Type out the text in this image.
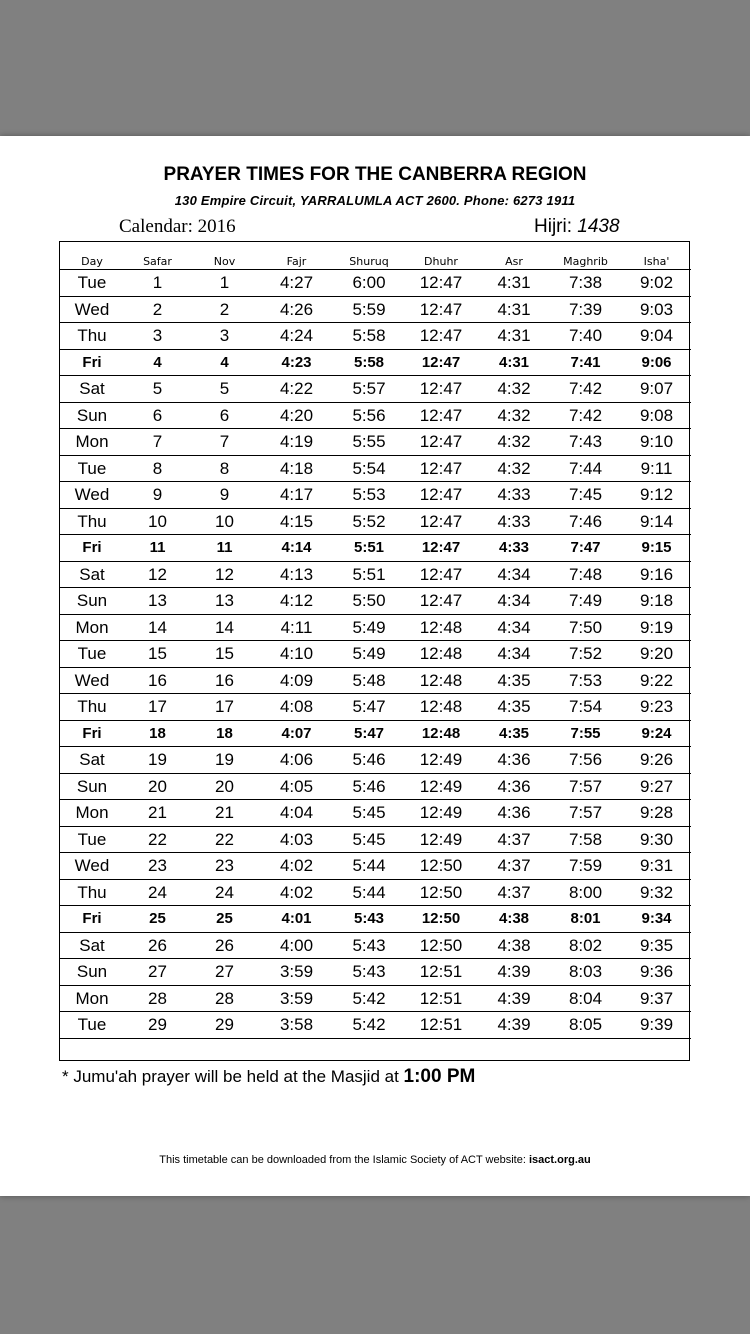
PRAYER TIMES FOR THE CANBERRA REGION
130 Empire Circuit, YARRALUMLA ACT 2600. Phone: 6273 1911
Calendar: 2016	Hijri: 1438
Day	Safar	Nov	Fajr	Shuruq	Dhuhr	Asr	Maghrib	Isha'
Tue	1	1	4:27	6:00	12:47	4:31	7:38	9:02
Wed	2	2	4:26	5:59	12:47	4:31	7:39	9:03
Thu	3	3	4:24	5:58	12:47	4:31	7:40	9:04
Fri	4	4	4:23	5:58	12:47	4:31	7:41	9:06
Sat	5	5	4:22	5:57	12:47	4:32	7:42	9:07
Sun	6	6	4:20	5:56	12:47	4:32	7:42	9:08
Mon	7	7	4:19	5:55	12:47	4:32	7:43	9:10
Tue	8	8	4:18	5:54	12:47	4:32	7:44	9:11
Wed	9	9	4:17	5:53	12:47	4:33	7:45	9:12
Thu	10	10	4:15	5:52	12:47	4:33	7:46	9:14
Fri	11	11	4:14	5:51	12:47	4:33	7:47	9:15
Sat	12	12	4:13	5:51	12:47	4:34	7:48	9:16
Sun	13	13	4:12	5:50	12:47	4:34	7:49	9:18
Mon	14	14	4:11	5:49	12:48	4:34	7:50	9:19
Tue	15	15	4:10	5:49	12:48	4:34	7:52	9:20
Wed	16	16	4:09	5:48	12:48	4:35	7:53	9:22
Thu	17	17	4:08	5:47	12:48	4:35	7:54	9:23
Fri	18	18	4:07	5:47	12:48	4:35	7:55	9:24
Sat	19	19	4:06	5:46	12:49	4:36	7:56	9:26
Sun	20	20	4:05	5:46	12:49	4:36	7:57	9:27
Mon	21	21	4:04	5:45	12:49	4:36	7:57	9:28
Tue	22	22	4:03	5:45	12:49	4:37	7:58	9:30
Wed	23	23	4:02	5:44	12:50	4:37	7:59	9:31
Thu	24	24	4:02	5:44	12:50	4:37	8:00	9:32
Fri	25	25	4:01	5:43	12:50	4:38	8:01	9:34
Sat	26	26	4:00	5:43	12:50	4:38	8:02	9:35
Sun	27	27	3:59	5:43	12:51	4:39	8:03	9:36
Mon	28	28	3:59	5:42	12:51	4:39	8:04	9:37
Tue	29	29	3:58	5:42	12:51	4:39	8:05	9:39

* Jumu'ah prayer will be held at the Masjid at 1:00 PM
This timetable can be downloaded from the Islamic Society of ACT website: isact.org.au
